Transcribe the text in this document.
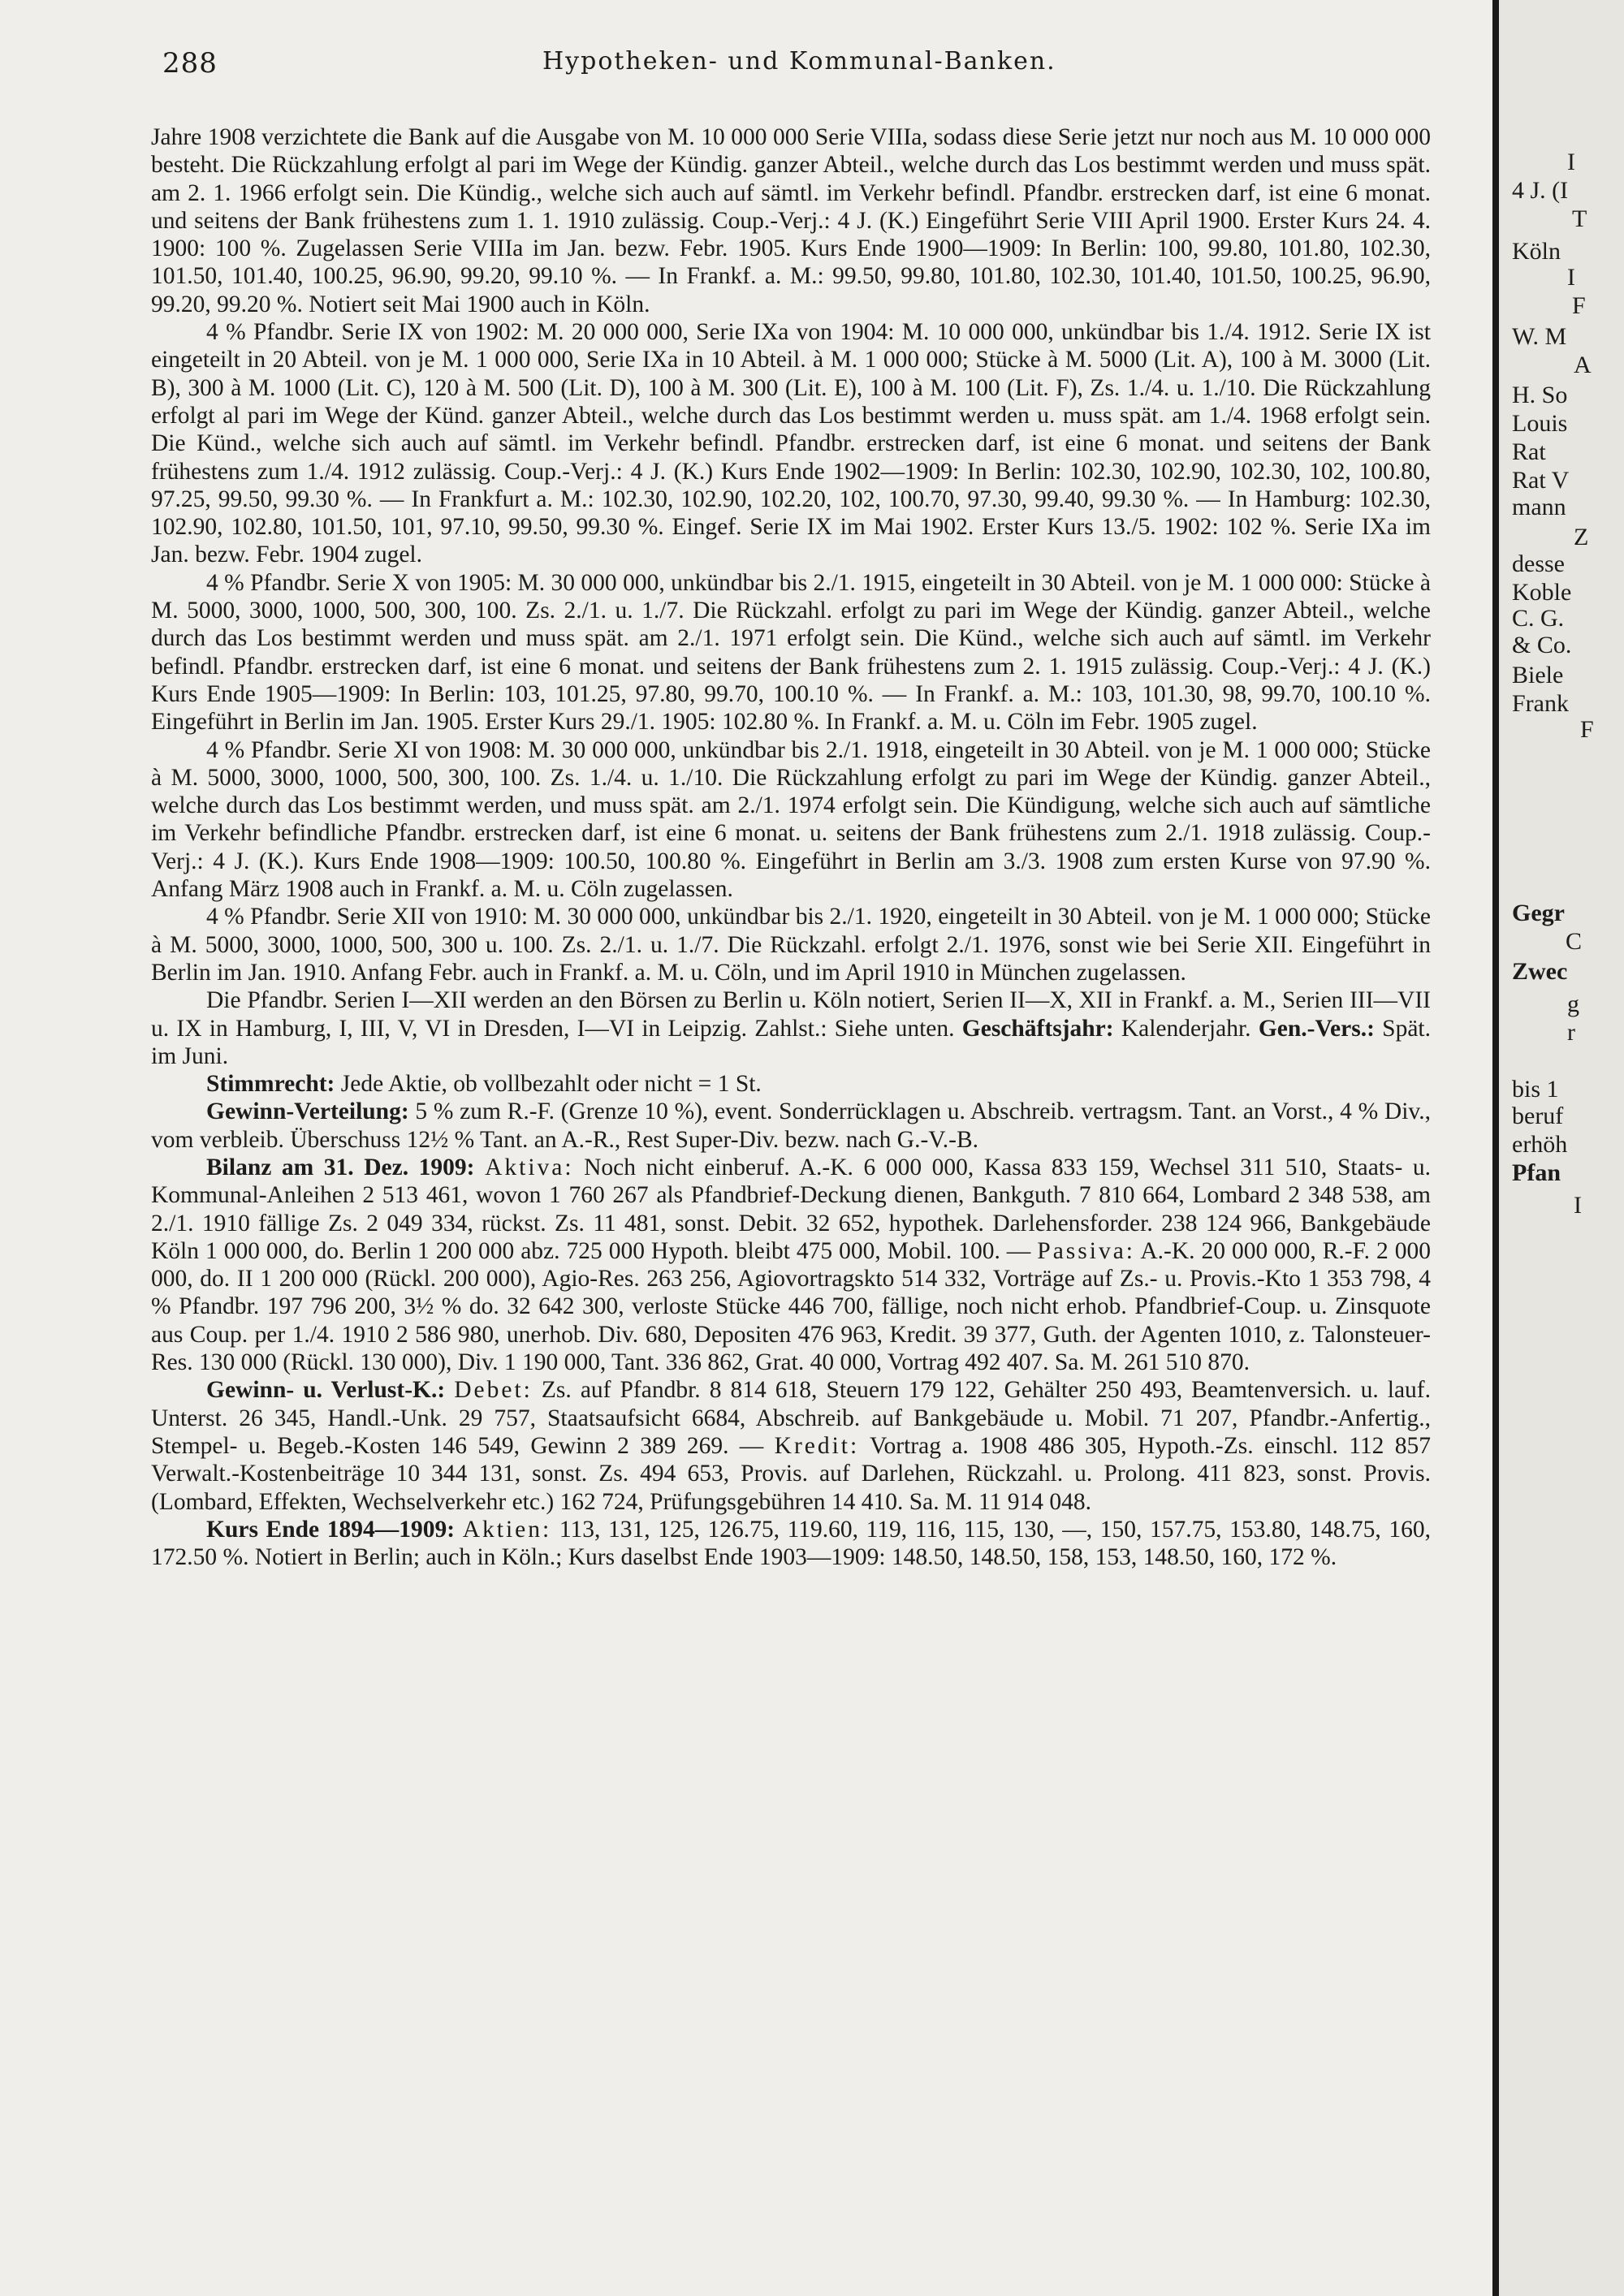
288	Hypotheken- und Kommunal-Banken.

Jahre 1908 verzichtete die Bank auf die Ausgabe von M. 10 000 000 Serie VIIIa, sodass diese Serie jetzt nur noch aus M. 10 000 000 besteht. Die Rückzahlung erfolgt al pari im Wege der Kündig. ganzer Abteil., welche durch das Los bestimmt werden und muss spät. am 2. 1. 1966 erfolgt sein. Die Kündig., welche sich auch auf sämtl. im Verkehr befindl. Pfandbr. erstrecken darf, ist eine 6 monat. und seitens der Bank frühestens zum 1. 1. 1910 zulässig. Coup.-Verj.: 4 J. (K.) Eingeführt Serie VIII April 1900. Erster Kurs 24. 4. 1900: 100 %. Zugelassen Serie VIIIa im Jan. bezw. Febr. 1905. Kurs Ende 1900—1909: In Berlin: 100, 99.80, 101.80, 102.30, 101.50, 101.40, 100.25, 96.90, 99.20, 99.10 %. — In Frankf. a. M.: 99.50, 99.80, 101.80, 102.30, 101.40, 101.50, 100.25, 96.90, 99.20, 99.20 %. Notiert seit Mai 1900 auch in Köln.

4 % Pfandbr. Serie IX von 1902: M. 20 000 000, Serie IXa von 1904: M. 10 000 000, unkündbar bis 1./4. 1912. Serie IX ist eingeteilt in 20 Abteil. von je M. 1 000 000, Serie IXa in 10 Abteil. à M. 1 000 000; Stücke à M. 5000 (Lit. A), 100 à M. 3000 (Lit. B), 300 à M. 1000 (Lit. C), 120 à M. 500 (Lit. D), 100 à M. 300 (Lit. E), 100 à M. 100 (Lit. F), Zs. 1./4. u. 1./10. Die Rückzahlung erfolgt al pari im Wege der Künd. ganzer Abteil., welche durch das Los bestimmt werden u. muss spät. am 1./4. 1968 erfolgt sein. Die Künd., welche sich auch auf sämtl. im Verkehr befindl. Pfandbr. erstrecken darf, ist eine 6 monat. und seitens der Bank frühestens zum 1./4. 1912 zulässig. Coup.-Verj.: 4 J. (K.) Kurs Ende 1902—1909: In Berlin: 102.30, 102.90, 102.30, 102, 100.80, 97.25, 99.50, 99.30 %. — In Frankfurt a. M.: 102.30, 102.90, 102.20, 102, 100.70, 97.30, 99.40, 99.30 %. — In Hamburg: 102.30, 102.90, 102.80, 101.50, 101, 97.10, 99.50, 99.30 %. Eingef. Serie IX im Mai 1902. Erster Kurs 13./5. 1902: 102 %. Serie IXa im Jan. bezw. Febr. 1904 zugel.

4 % Pfandbr. Serie X von 1905: M. 30 000 000, unkündbar bis 2./1. 1915, eingeteilt in 30 Abteil. von je M. 1 000 000: Stücke à M. 5000, 3000, 1000, 500, 300, 100. Zs. 2./1. u. 1./7. Die Rückzahl. erfolgt zu pari im Wege der Kündig. ganzer Abteil., welche durch das Los bestimmt werden und muss spät. am 2./1. 1971 erfolgt sein. Die Künd., welche sich auch auf sämtl. im Verkehr befindl. Pfandbr. erstrecken darf, ist eine 6 monat. und seitens der Bank frühestens zum 2. 1. 1915 zulässig. Coup.-Verj.: 4 J. (K.) Kurs Ende 1905—1909: In Berlin: 103, 101.25, 97.80, 99.70, 100.10 %. — In Frankf. a. M.: 103, 101.30, 98, 99.70, 100.10 %. Eingeführt in Berlin im Jan. 1905. Erster Kurs 29./1. 1905: 102.80 %. In Frankf. a. M. u. Cöln im Febr. 1905 zugel.

4 % Pfandbr. Serie XI von 1908: M. 30 000 000, unkündbar bis 2./1. 1918, eingeteilt in 30 Abteil. von je M. 1 000 000; Stücke à M. 5000, 3000, 1000, 500, 300, 100. Zs. 1./4. u. 1./10. Die Rückzahlung erfolgt zu pari im Wege der Kündig. ganzer Abteil., welche durch das Los bestimmt werden, und muss spät. am 2./1. 1974 erfolgt sein. Die Kündigung, welche sich auch auf sämtliche im Verkehr befindliche Pfandbr. erstrecken darf, ist eine 6 monat. u. seitens der Bank frühestens zum 2./1. 1918 zulässig. Coup.-Verj.: 4 J. (K.). Kurs Ende 1908—1909: 100.50, 100.80 %. Eingeführt in Berlin am 3./3. 1908 zum ersten Kurse von 97.90 %. Anfang März 1908 auch in Frankf. a. M. u. Cöln zugelassen.

4 % Pfandbr. Serie XII von 1910: M. 30 000 000, unkündbar bis 2./1. 1920, eingeteilt in 30 Abteil. von je M. 1 000 000; Stücke à M. 5000, 3000, 1000, 500, 300 u. 100. Zs. 2./1. u. 1./7. Die Rückzahl. erfolgt 2./1. 1976, sonst wie bei Serie XII. Eingeführt in Berlin im Jan. 1910. Anfang Febr. auch in Frankf. a. M. u. Cöln, und im April 1910 in München zugelassen.

Die Pfandbr. Serien I—XII werden an den Börsen zu Berlin u. Köln notiert, Serien II—X, XII in Frankf. a. M., Serien III—VII u. IX in Hamburg, I, III, V, VI in Dresden, I—VI in Leipzig. Zahlst.: Siehe unten. Geschäftsjahr: Kalenderjahr. Gen.-Vers.: Spät. im Juni.

Stimmrecht: Jede Aktie, ob vollbezahlt oder nicht = 1 St.

Gewinn-Verteilung: 5 % zum R.-F. (Grenze 10 %), event. Sonderrücklagen u. Abschreib. vertragsm. Tant. an Vorst., 4 % Div., vom verbleib. Überschuss 12½ % Tant. an A.-R., Rest Super-Div. bezw. nach G.-V.-B.

Bilanz am 31. Dez. 1909: Aktiva: Noch nicht einberuf. A.-K. 6 000 000, Kassa 833 159, Wechsel 311 510, Staats- u. Kommunal-Anleihen 2 513 461, wovon 1 760 267 als Pfandbrief-Deckung dienen, Bankguth. 7 810 664, Lombard 2 348 538, am 2./1. 1910 fällige Zs. 2 049 334, rückst. Zs. 11 481, sonst. Debit. 32 652, hypothek. Darlehensforder. 238 124 966, Bankgebäude Köln 1 000 000, do. Berlin 1 200 000 abz. 725 000 Hypoth. bleibt 475 000, Mobil. 100. — Passiva: A.-K. 20 000 000, R.-F. 2 000 000, do. II 1 200 000 (Rückl. 200 000), Agio-Res. 263 256, Agiovortragskto 514 332, Vorträge auf Zs.- u. Provis.-Kto 1 353 798, 4 % Pfandbr. 197 796 200, 3½ % do. 32 642 300, verloste Stücke 446 700, fällige, noch nicht erhob. Pfandbrief-Coup. u. Zinsquote aus Coup. per 1./4. 1910 2 586 980, unerhob. Div. 680, Depositen 476 963, Kredit. 39 377, Guth. der Agenten 1010, z. Talonsteuer-Res. 130 000 (Rückl. 130 000), Div. 1 190 000, Tant. 336 862, Grat. 40 000, Vortrag 492 407. Sa. M. 261 510 870.

Gewinn- u. Verlust-K.: Debet: Zs. auf Pfandbr. 8 814 618, Steuern 179 122, Gehälter 250 493, Beamtenversich. u. lauf. Unterst. 26 345, Handl.-Unk. 29 757, Staatsaufsicht 6684, Abschreib. auf Bankgebäude u. Mobil. 71 207, Pfandbr.-Anfertig., Stempel- u. Begeb.-Kosten 146 549, Gewinn 2 389 269. — Kredit: Vortrag a. 1908 486 305, Hypoth.-Zs. einschl. 112 857 Verwalt.-Kostenbeiträge 10 344 131, sonst. Zs. 494 653, Provis. auf Darlehen, Rückzahl. u. Prolong. 411 823, sonst. Provis. (Lombard, Effekten, Wechselverkehr etc.) 162 724, Prüfungsgebühren 14 410. Sa. M. 11 914 048.

Kurs Ende 1894—1909: Aktien: 113, 131, 125, 126.75, 119.60, 119, 116, 115, 130, —, 150, 157.75, 153.80, 148.75, 160, 172.50 %. Notiert in Berlin; auch in Köln.; Kurs daselbst Ende 1903—1909: 148.50, 148.50, 158, 153, 148.50, 160, 172 %.

I
4 J. (I
T
Köln
I
F
W. M
A
H. So
Louis
Rat
Rat V
mann
Z
desse
Koble
C. G.
& Co.
Biele
Frank
F
Gegr
C
Zwec
g
r
bis 1
beruf
erhöh
Pfan
I
